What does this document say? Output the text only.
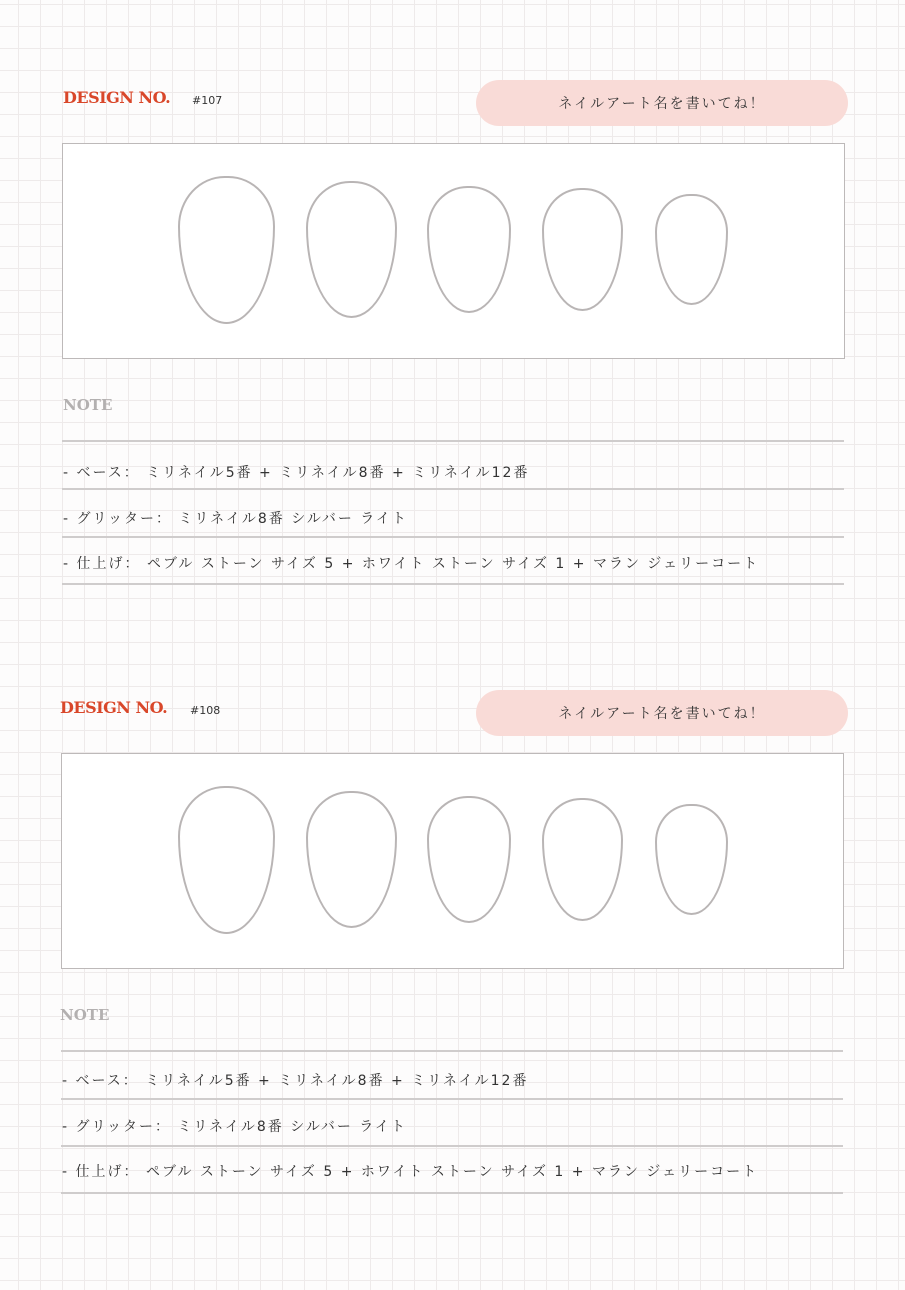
DESIGN NO. #107	ネイルアート名を書いてね！
NOTE
- ベース： ミリネイル5番 + ミリネイル8番 + ミリネイル12番
- グリッター： ミリネイル8番 シルバー ライト
- 仕上げ： ペブル ストーン サイズ 5 + ホワイト ストーン サイズ 1 + マラン ジェリーコート
DESIGN NO. #108	ネイルアート名を書いてね！
NOTE
- ベース： ミリネイル5番 + ミリネイル8番 + ミリネイル12番
- グリッター： ミリネイル8番 シルバー ライト
- 仕上げ： ペブル ストーン サイズ 5 + ホワイト ストーン サイズ 1 + マラン ジェリーコート
